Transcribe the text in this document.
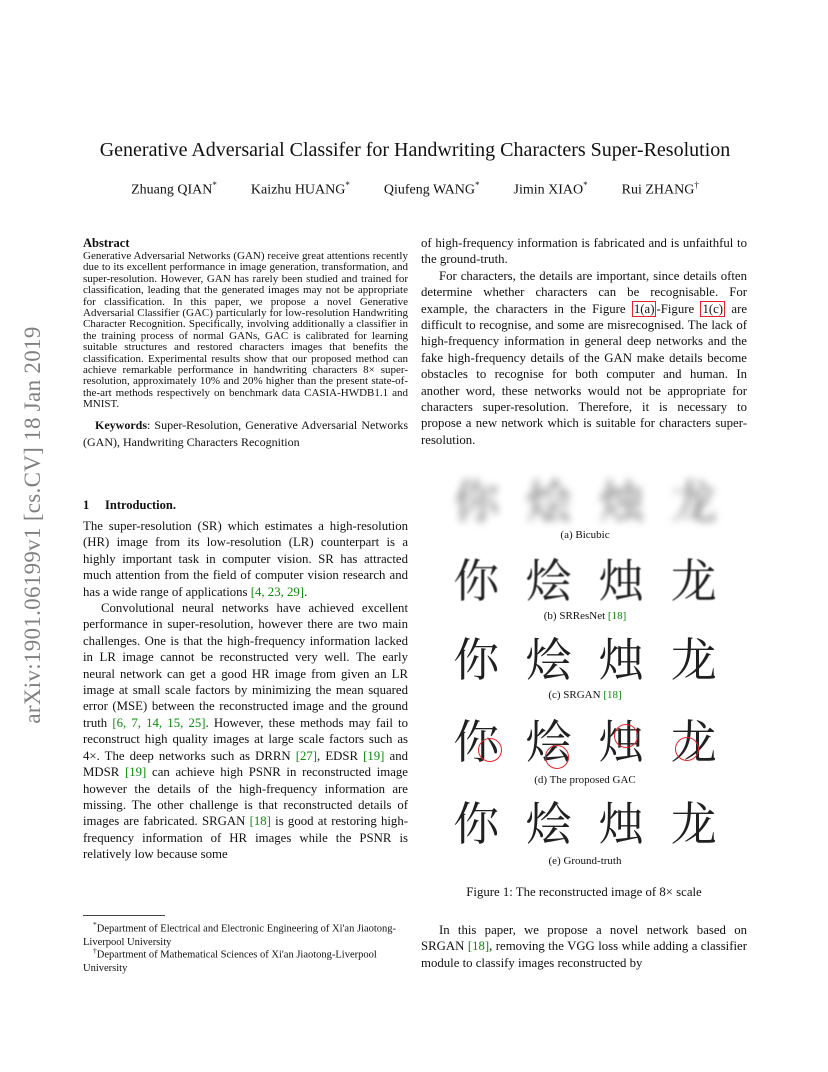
arXiv:1901.06199v1 [cs.CV] 18 Jan 2019
Generative Adversarial Classifer for Handwriting Characters Super-Resolution
Zhuang QIAN* Kaizhu HUANG* Qiufeng WANG* Jimin XIAO* Rui ZHANG†
Abstract

Generative Adversarial Networks (GAN) receive great attentions recently due to its excellent performance in image generation, transformation, and super-resolution. However, GAN has rarely been studied and trained for classification, leading that the generated images may not be appropriate for classification. In this paper, we propose a novel Generative Adversarial Classifier (GAC) particularly for low-resolution Handwriting Character Recognition. Specifically, involving additionally a classifier in the training process of normal GANs, GAC is calibrated for learning suitable structures and restored characters images that benefits the classification. Experimental results show that our proposed method can achieve remarkable performance in handwriting characters 8× super-resolution, approximately 10% and 20% higher than the present state-of-the-art methods respectively on benchmark data CASIA-HWDB1.1 and MNIST.

Keywords: Super-Resolution, Generative Adversarial Networks (GAN), Handwriting Characters Recognition

1 Introduction.

The super-resolution (SR) which estimates a high-resolution (HR) image from its low-resolution (LR) counterpart is a highly important task in computer vision. SR has attracted much attention from the field of computer vision research and has a wide range of applications [4, 23, 29].

Convolutional neural networks have achieved excellent performance in super-resolution, however there are two main challenges. One is that the high-frequency information lacked in LR image cannot be reconstructed very well. The early neural network can get a good HR image from given an LR image at small scale factors by minimizing the mean squared error (MSE) between the reconstructed image and the ground truth [6, 7, 14, 15, 25]. However, these methods may fail to reconstruct high quality images at large scale factors such as 4×. The deep networks such as DRRN [27], EDSR [19] and MDSR [19] can achieve high PSNR in reconstructed image however the details of the high-frequency information are missing. The other challenge is that reconstructed details of images are fabricated. SRGAN [18] is good at restoring high-frequency information of HR images while the PSNR is relatively low because some

of high-frequency information is fabricated and is unfaithful to the ground-truth.

For characters, the details are important, since details often determine whether characters can be recognisable. For example, the characters in the Figure 1(a) -Figure 1(c) are difficult to recognise, and some are misrecognised. The lack of high-frequency information in general deep networks and the fake high-frequency details of the GAN make details become obstacles to recognise for both computer and human. In another word, these networks would not be appropriate for characters super-resolution. Therefore, it is necessary to propose a new network which is suitable for characters super-resolution.

你 烩 烛 龙
(a) Bicubic
你 烩 烛 龙
(b) SRResNet [18]
你 烩 烛 龙
(c) SRGAN [18]
你 烩 烛 龙
(d) The proposed GAC
你 烩 烛 龙
(e) Ground-truth
Figure 1: The reconstructed image of 8× scale

In this paper, we propose a novel network based on SRGAN [18], removing the VGG loss while adding a classifier module to classify images reconstructed by

*Department of Electrical and Electronic Engineering of Xi'an Jiaotong-Liverpool University

†Department of Mathematical Sciences of Xi'an Jiaotong-Liverpool University
